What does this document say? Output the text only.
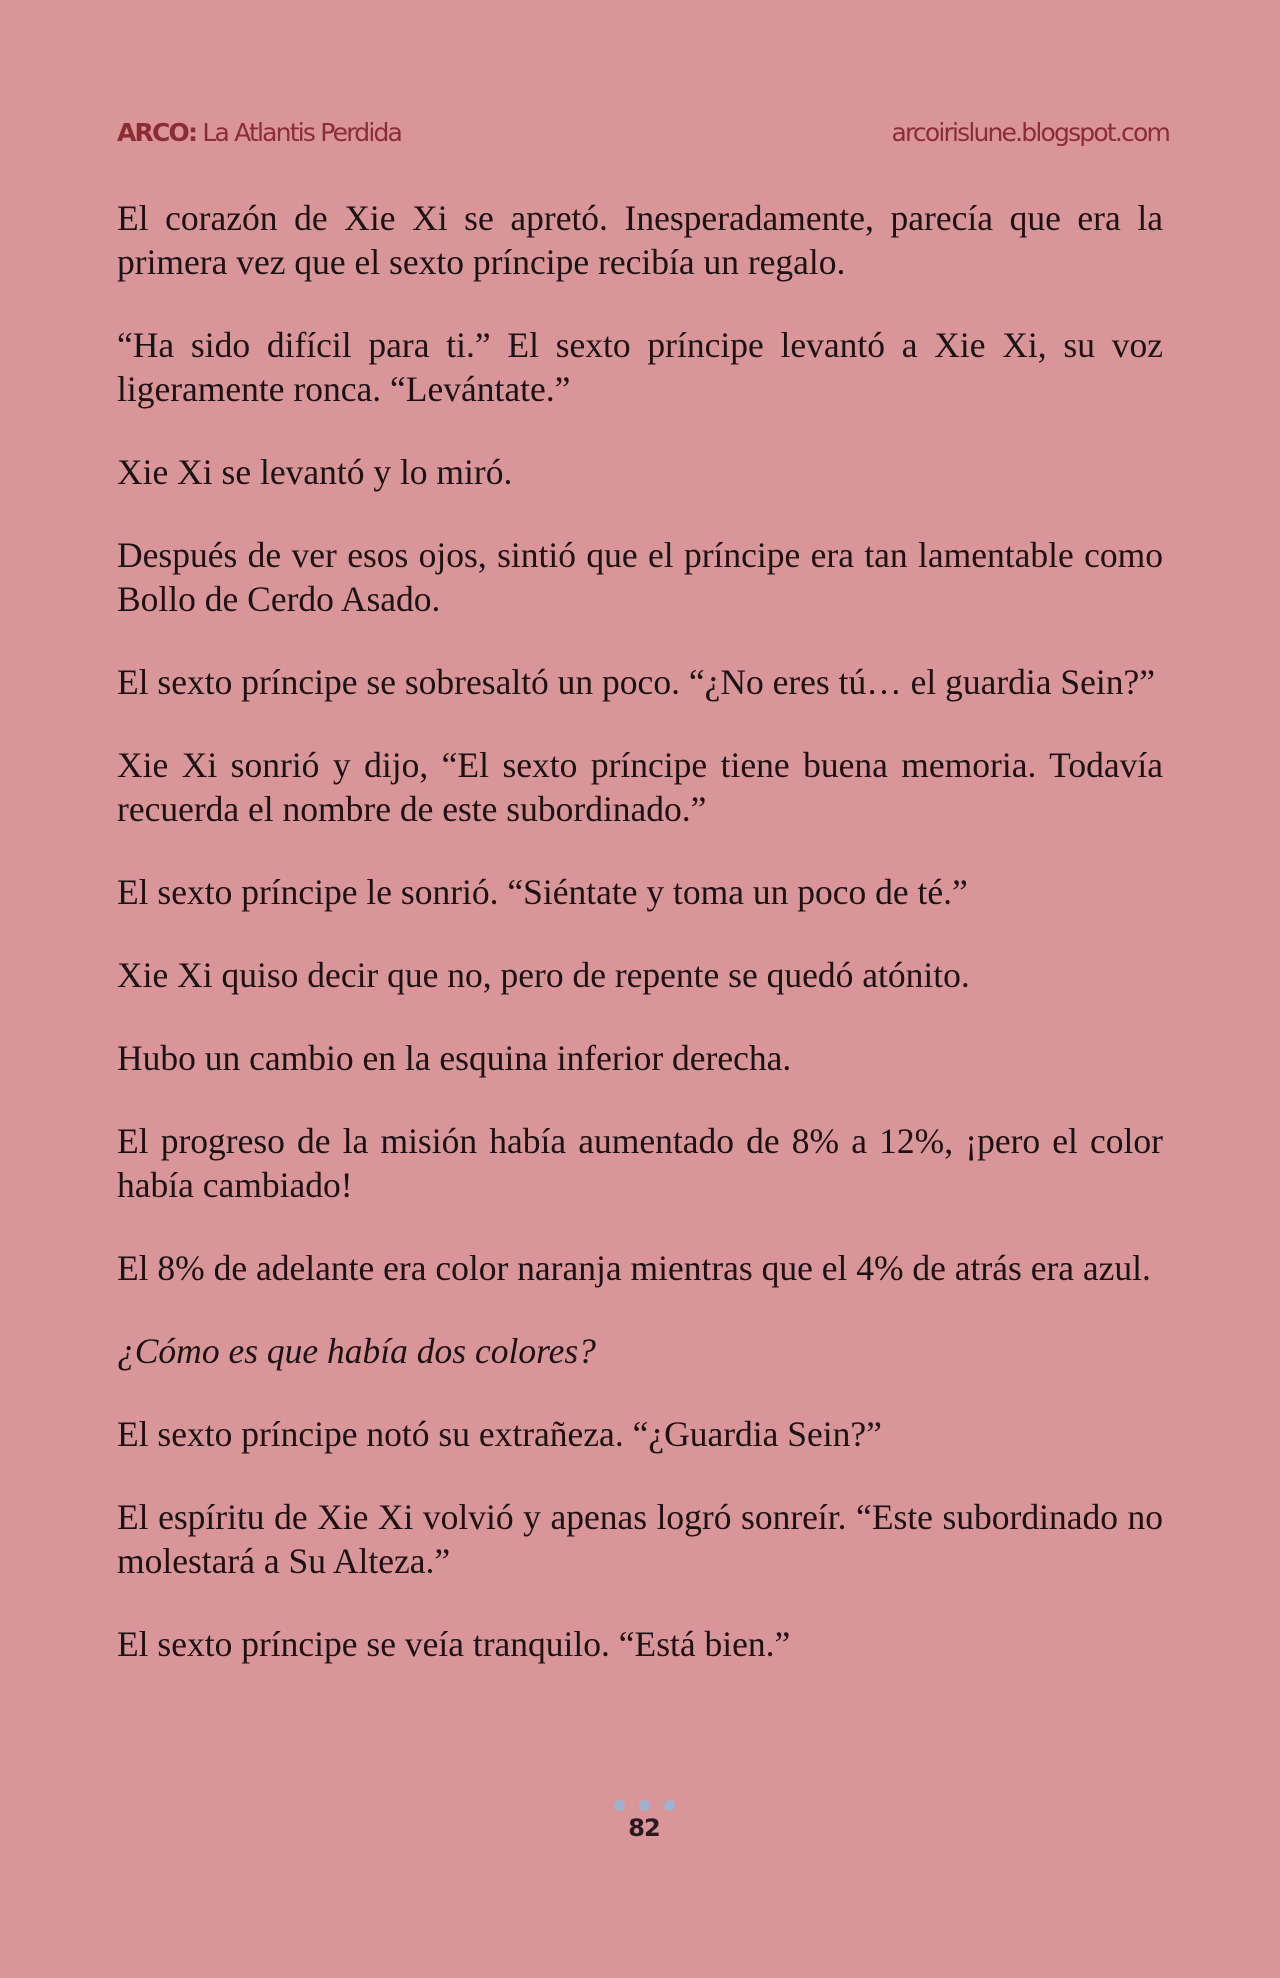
ARCO: La Atlantis Perdida	arcoirislune.blogspot.com

El corazón de Xie Xi se apretó. Inesperadamente, parecía que era la primera vez que el sexto príncipe recibía un regalo.

“Ha sido difícil para ti.” El sexto príncipe levantó a Xie Xi, su voz ligeramente ronca. “Levántate.”

Xie Xi se levantó y lo miró.

Después de ver esos ojos, sintió que el príncipe era tan lamentable como Bollo de Cerdo Asado.

El sexto príncipe se sobresaltó un poco. “¿No eres tú… el guardia Sein?”

Xie Xi sonrió y dijo, “El sexto príncipe tiene buena memoria. Todavía recuerda el nombre de este subordinado.”

El sexto príncipe le sonrió. “Siéntate y toma un poco de té.”

Xie Xi quiso decir que no, pero de repente se quedó atónito.

Hubo un cambio en la esquina inferior derecha.

El progreso de la misión había aumentado de 8% a 12%, ¡pero el color había cambiado!

El 8% de adelante era color naranja mientras que el 4% de atrás era azul.

¿Cómo es que había dos colores?

El sexto príncipe notó su extrañeza. “¿Guardia Sein?”

El espíritu de Xie Xi volvió y apenas logró sonreír. “Este subordinado no molestará a Su Alteza.”

El sexto príncipe se veía tranquilo. “Está bien.”

82
